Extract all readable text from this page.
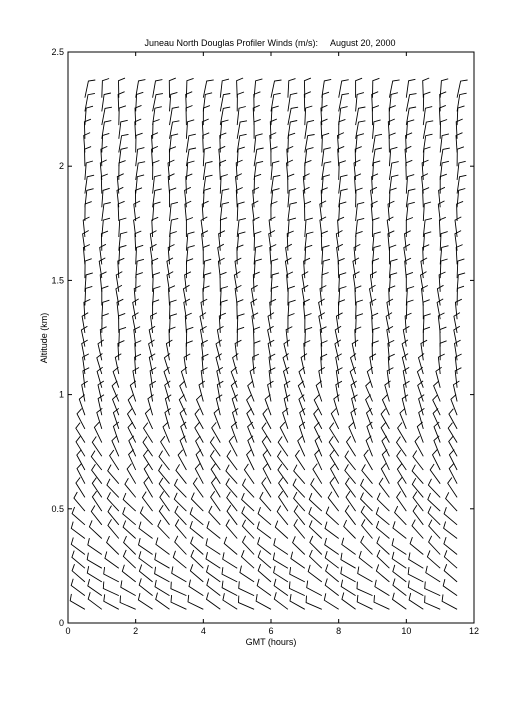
Juneau North Douglas Profiler Winds (m/s):     August 20, 2000
0	2	4	6	8	10	12
0
0.5
1
1.5
2
2.5
GMT (hours)
Altitude (km)
